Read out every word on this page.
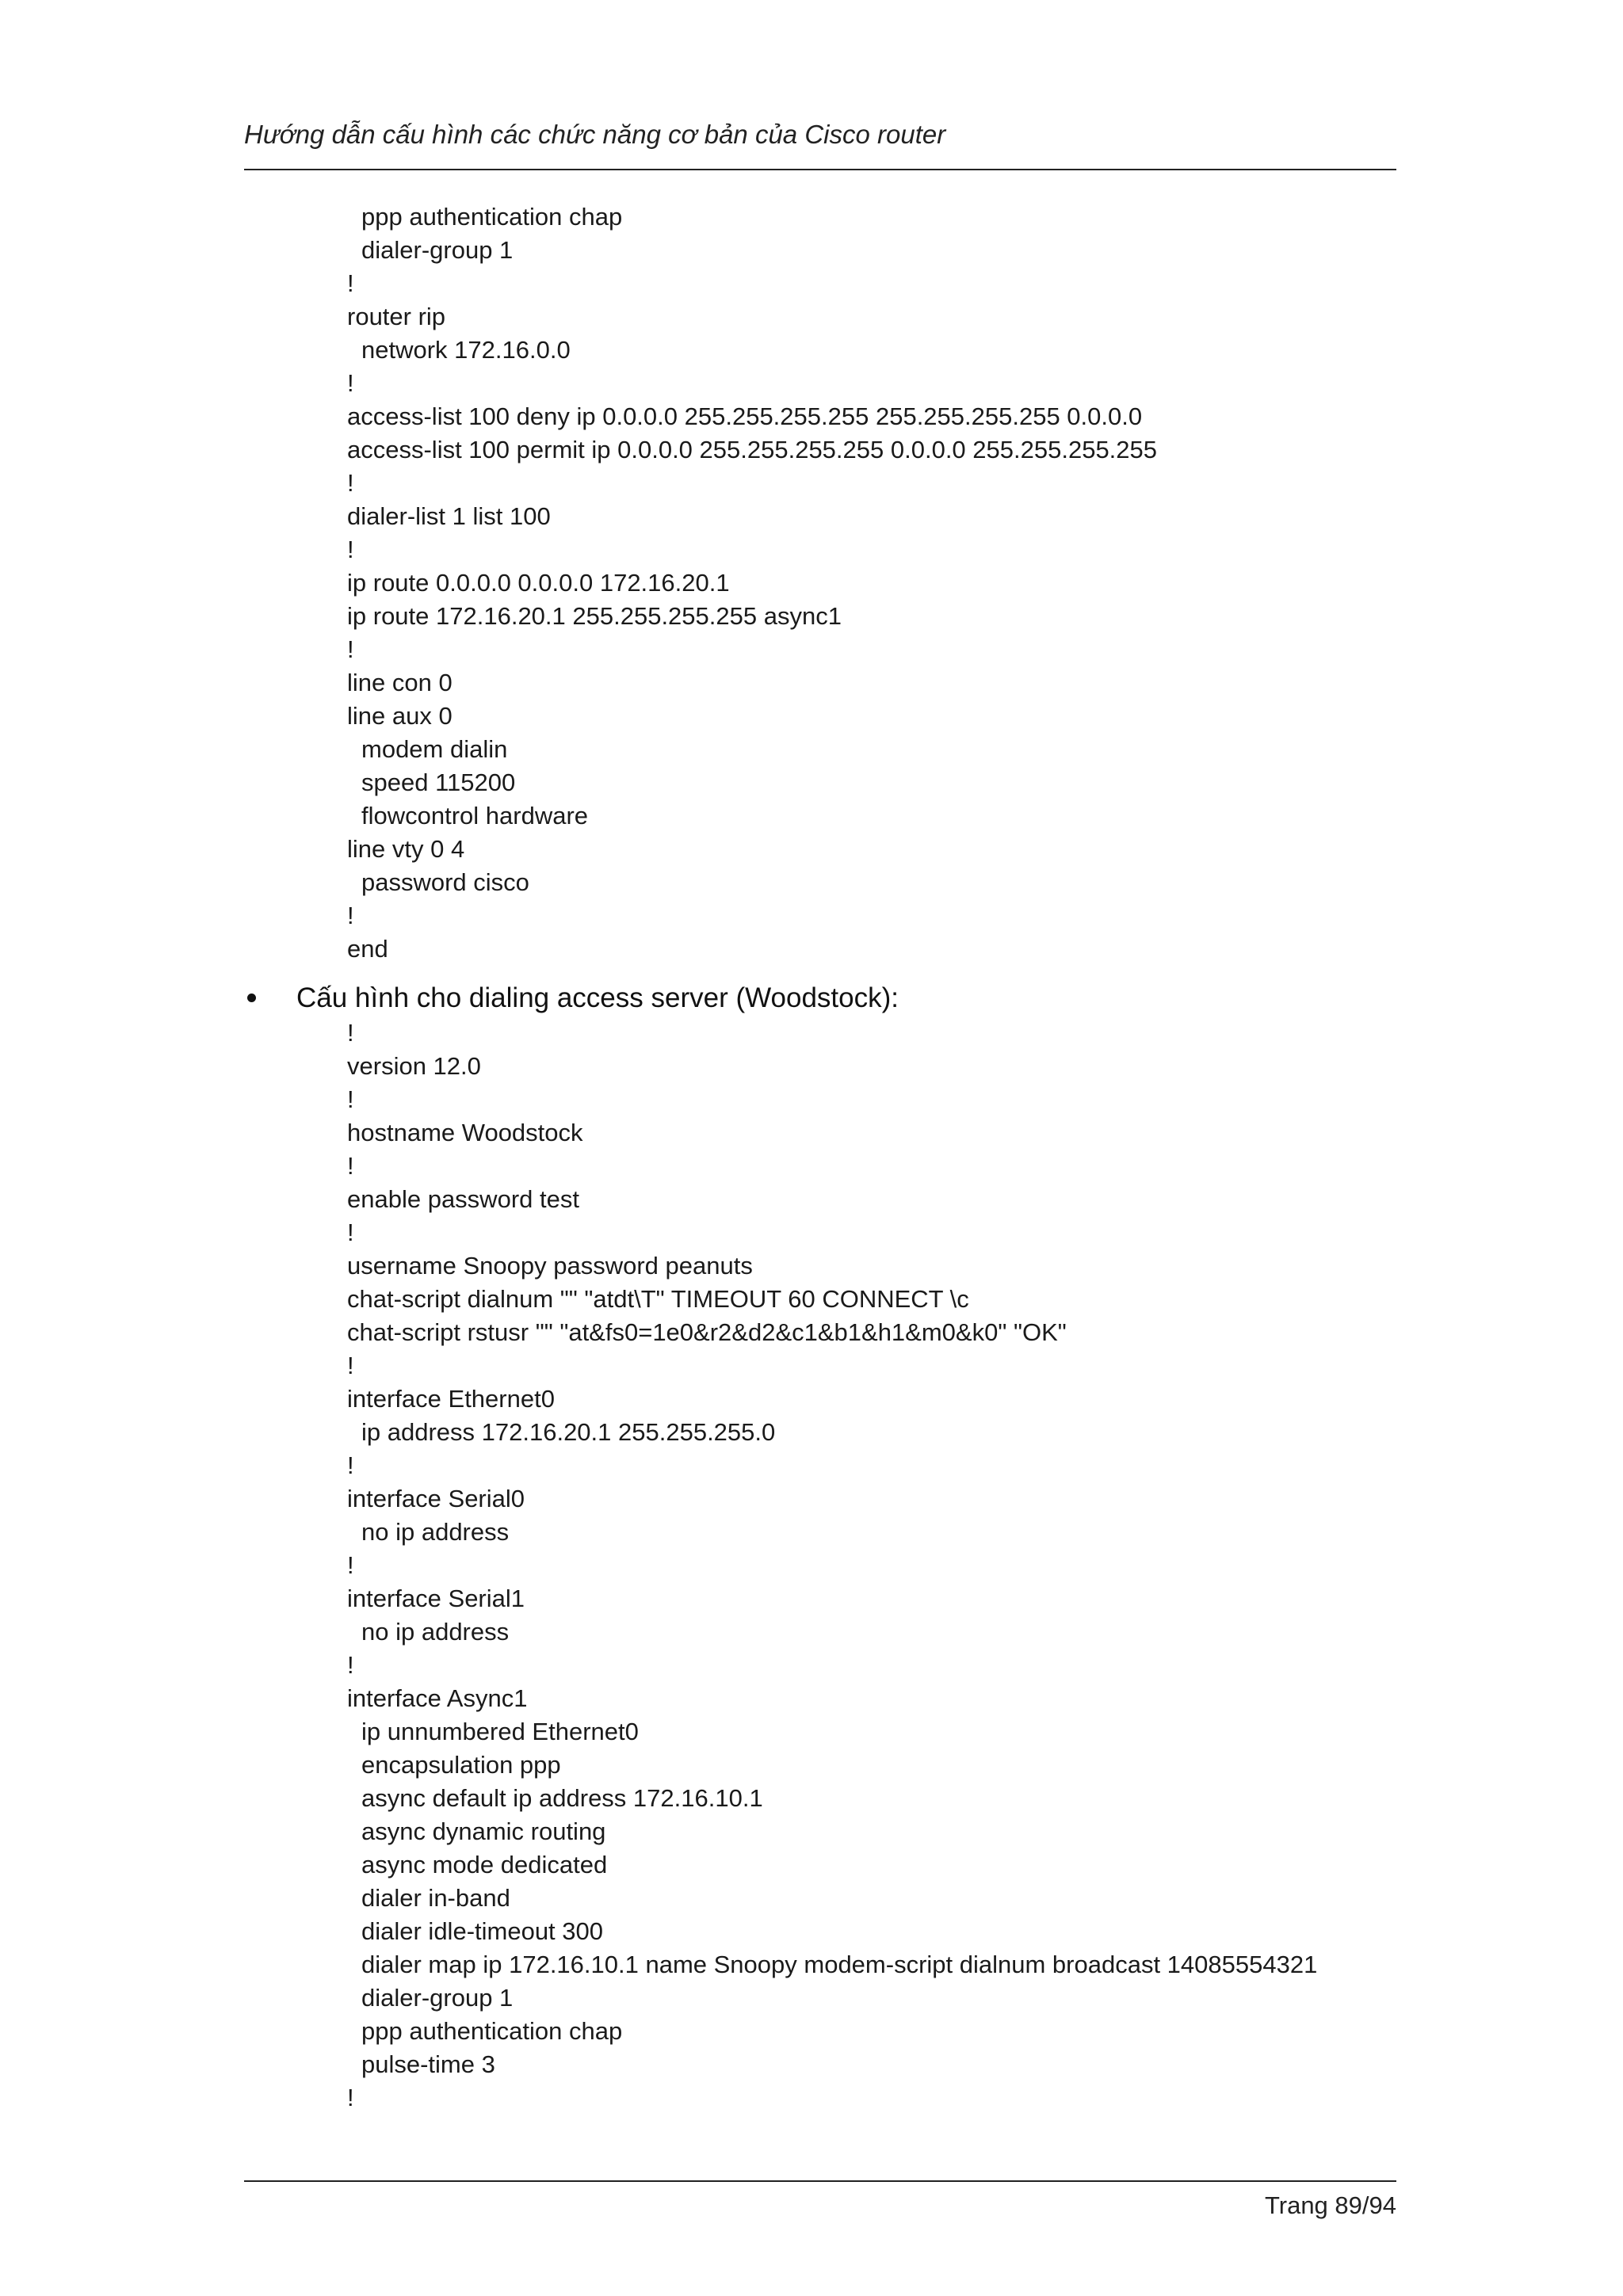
Hướng dẫn cấu hình các chức năng cơ bản của Cisco router
ppp authentication chap
dialer-group 1
!
router rip
network 172.16.0.0
!
access-list 100 deny ip 0.0.0.0 255.255.255.255 255.255.255.255 0.0.0.0
access-list 100 permit ip 0.0.0.0 255.255.255.255 0.0.0.0 255.255.255.255
!
dialer-list 1 list 100
!
ip route 0.0.0.0 0.0.0.0 172.16.20.1
ip route 172.16.20.1 255.255.255.255 async1
!
line con 0
line aux 0
modem dialin
speed 115200
flowcontrol hardware
line vty 0 4
password cisco
!
end
Cấu hình cho dialing access server (Woodstock):
!
version 12.0
!
hostname Woodstock
!
enable password test
!
username Snoopy password peanuts
chat-script dialnum "" "atdt\T" TIMEOUT 60 CONNECT \c
chat-script rstusr "" "at&fs0=1e0&r2&d2&c1&b1&h1&m0&k0" "OK"
!
interface Ethernet0
ip address 172.16.20.1 255.255.255.0
!
interface Serial0
no ip address
!
interface Serial1
no ip address
!
interface Async1
ip unnumbered Ethernet0
encapsulation ppp
async default ip address 172.16.10.1
async dynamic routing
async mode dedicated
dialer in-band
dialer idle-timeout 300
dialer map ip 172.16.10.1 name Snoopy modem-script dialnum broadcast 14085554321
dialer-group 1
ppp authentication chap
pulse-time 3
!
Trang 89/94
